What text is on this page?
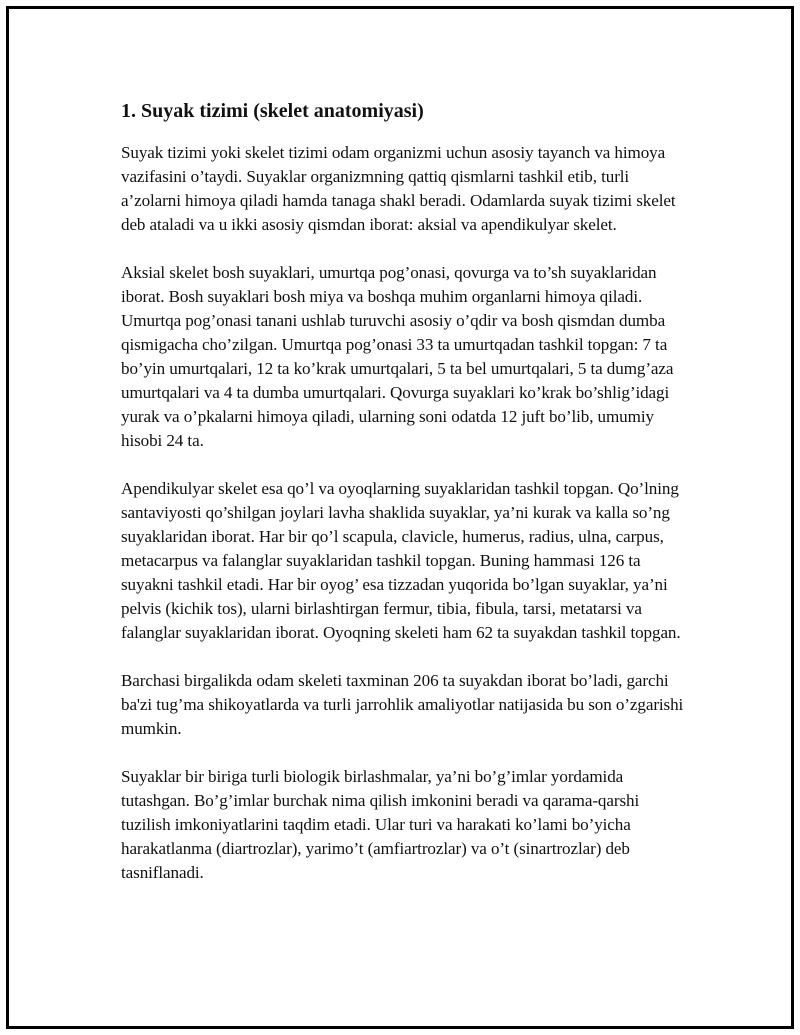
1. Suyak tizimi (skelet anatomiyasi)

Suyak tizimi yoki skelet tizimi odam organizmi uchun asosiy tayanch va himoya vazifasini o’taydi. Suyaklar organizmning qattiq qismlarni tashkil etib, turli a’zolarni himoya qiladi hamda tanaga shakl beradi. Odamlarda suyak tizimi skelet deb ataladi va u ikki asosiy qismdan iborat: aksial va apendikulyar skelet.

Aksial skelet bosh suyaklari, umurtqa pog’onasi, qovurga va to’sh suyaklaridan iborat. Bosh suyaklari bosh miya va boshqa muhim organlarni himoya qiladi. Umurtqa pog’onasi tanani ushlab turuvchi asosiy o’qdir va bosh qismdan dumba qismigacha cho’zilgan. Umurtqa pog’onasi 33 ta umurtqadan tashkil topgan: 7 ta bo’yin umurtqalari, 12 ta ko’krak umurtqalari, 5 ta bel umurtqalari, 5 ta dumg’aza umurtqalari va 4 ta dumba umurtqalari. Qovurga suyaklari ko’krak bo’shlig’idagi yurak va o’pkalarni himoya qiladi, ularning soni odatda 12 juft bo’lib, umumiy hisobi 24 ta.

Apendikulyar skelet esa qo’l va oyoqlarning suyaklaridan tashkil topgan. Qo’lning santaviyosti qo’shilgan joylari lavha shaklida suyaklar, ya’ni kurak va kalla so’ng suyaklaridan iborat. Har bir qo’l scapula, clavicle, humerus, radius, ulna, carpus, metacarpus va falanglar suyaklaridan tashkil topgan. Buning hammasi 126 ta suyakni tashkil etadi. Har bir oyog’ esa tizzadan yuqorida bo’lgan suyaklar, ya’ni pelvis (kichik tos), ularni birlashtirgan fermur, tibia, fibula, tarsi, metatarsi va falanglar suyaklaridan iborat. Oyoqning skeleti ham 62 ta suyakdan tashkil topgan.

Barchasi birgalikda odam skeleti taxminan 206 ta suyakdan iborat bo’ladi, garchi ba'zi tug’ma shikoyatlarda va turli jarrohlik amaliyotlar natijasida bu son o’zgarishi mumkin.

Suyaklar bir biriga turli biologik birlashmalar, ya’ni bo’g’imlar yordamida tutashgan. Bo’g’imlar burchak nima qilish imkonini beradi va qarama-qarshi tuzilish imkoniyatlarini taqdim etadi. Ular turi va harakati ko’lami bo’yicha harakatlanma (diartrozlar), yarimo’t (amfiartrozlar) va o’t (sinartrozlar) deb tasniflanadi.
